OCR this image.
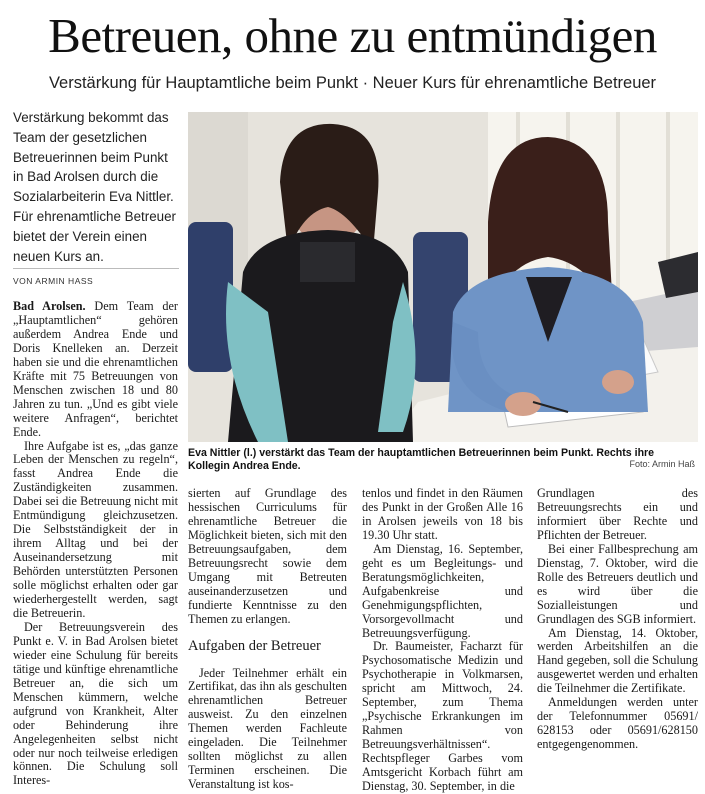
Betreuen, ohne zu entmündigen
Verstärkung für Hauptamtliche beim Punkt · Neuer Kurs für ehrenamtliche Betreuer
Verstärkung bekommt das Team der gesetzlichen Betreuerinnen beim Punkt in Bad Arolsen durch die Sozialarbeiterin Eva Nittler. Für ehrenamtliche Betreuer bietet der Verein einen neuen Kurs an.
VON ARMIN HASS
Eva Nittler (l.) verstärkt das Team der hauptamtlichen Betreuerinnen beim Punkt. Rechts ihre Kollegin Andrea Ende.	Foto: Armin Haß

Bad Arolsen. Dem Team der „Hauptamtlichen“ gehören außerdem Andrea Ende und Doris Knelleken an. Derzeit haben sie und die ehrenamtlichen Kräfte mit 75 Betreuungen von Menschen zwischen 18 und 80 Jahren zu tun. „Und es gibt viele weitere Anfragen“, berichtet Ende.

Ihre Aufgabe ist es, „das ganze Leben der Menschen zu regeln“, fasst Andrea Ende die Zuständigkeiten zusammen. Dabei sei die Betreuung nicht mit Entmündigung gleichzusetzen. Die Selbstständigkeit der in ihrem Alltag und bei der Auseinandersetzung mit Behörden unterstützten Personen solle möglichst erhalten oder gar wiederhergestellt werden, sagt die Betreuerin.

Der Betreuungsverein des Punkt e. V. in Bad Arolsen bietet wieder eine Schulung für bereits tätige und künftige ehrenamtliche Betreuer an, die sich um Menschen kümmern, welche aufgrund von Krankheit, Alter oder Behinderung ihre Angelegenheiten selbst nicht oder nur noch teilweise erledigen können. Die Schulung soll Interes-

sierten auf Grundlage des hessischen Curriculums für ehrenamtliche Betreuer die Möglichkeit bieten, sich mit den Betreuungsaufgaben, dem Betreuungsrecht sowie dem Umgang mit Betreuten auseinanderzusetzen und fundierte Kenntnisse zu den Themen zu erlangen.

Aufgaben der Betreuer

Jeder Teilnehmer erhält ein Zertifikat, das ihn als geschulten ehrenamtlichen Betreuer ausweist. Zu den einzelnen Themen werden Fachleute eingeladen. Die Teilnehmer sollten möglichst zu allen Terminen erscheinen. Die Veranstaltung ist kos-

tenlos und findet in den Räumen des Punkt in der Großen Alle 16 in Arolsen jeweils von 18 bis 19.30 Uhr statt.

Am Dienstag, 16. September, geht es um Begleitungs- und Beratungsmöglichkeiten, Aufgabenkreise und Genehmigungspflichten, Vorsorgevollmacht und Betreuungsverfügung.

Dr. Baumeister, Facharzt für Psychosomatische Medizin und Psychotherapie in Volkmarsen, spricht am Mittwoch, 24. September, zum Thema „Psychische Erkrankungen im Rahmen von Betreuungsverhältnissen“. Rechtspfleger Garbes vom Amtsgericht Korbach führt am Dienstag, 30. September, in die

Grundlagen des Betreuungsrechts ein und informiert über Rechte und Pflichten der Betreuer.

Bei einer Fallbesprechung am Dienstag, 7. Oktober, wird die Rolle des Betreuers deutlich und es wird über die Sozialleistungen und Grundlagen des SGB informiert.

Am Dienstag, 14. Oktober, werden Arbeitshilfen an die Hand gegeben, soll die Schulung ausgewertet werden und erhalten die Teilnehmer die Zertifikate.

Anmeldungen werden unter der Telefonnummer 05691/ 628153 oder 05691/628150 entgegengenommen.
